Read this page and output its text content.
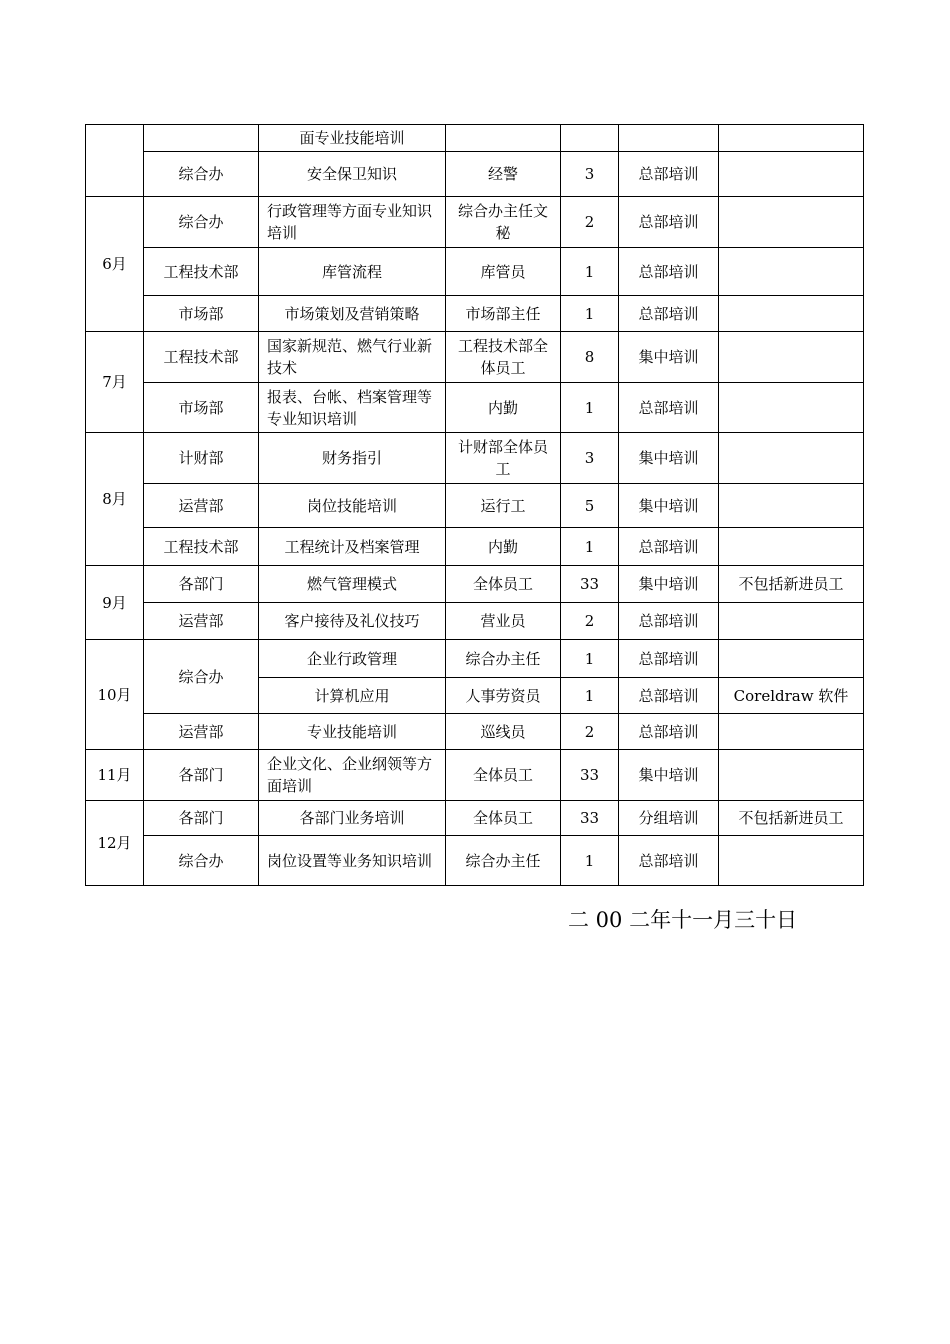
		面专业技能培训				
	综合办	安全保卫知识	经警	3	总部培训	
6月	综合办	行政管理等方面专业知识培训	综合办主任文秘	2	总部培训	
	工程技术部	库管流程	库管员	1	总部培训	
	市场部	市场策划及营销策略	市场部主任	1	总部培训	
7月	工程技术部	国家新规范、燃气行业新技术	工程技术部全体员工	8	集中培训	
	市场部	报表、台帐、档案管理等专业知识培训	内勤	1	总部培训	
8月	计财部	财务指引	计财部全体员工	3	集中培训	
	运营部	岗位技能培训	运行工	5	集中培训	
	工程技术部	工程统计及档案管理	内勤	1	总部培训	
9月	各部门	燃气管理模式	全体员工	33	集中培训	不包括新进员工
	运营部	客户接待及礼仪技巧	营业员	2	总部培训	
10月	综合办	企业行政管理	综合办主任	1	总部培训	
		计算机应用	人事劳资员	1	总部培训	Coreldraw 软件
	运营部	专业技能培训	巡线员	2	总部培训	
11月	各部门	企业文化、企业纲领等方面培训	全体员工	33	集中培训	
12月	各部门	各部门业务培训	全体员工	33	分组培训	不包括新进员工
	综合办	岗位设置等业务知识培训	综合办主任	1	总部培训	
二 00 二年十一月三十日
